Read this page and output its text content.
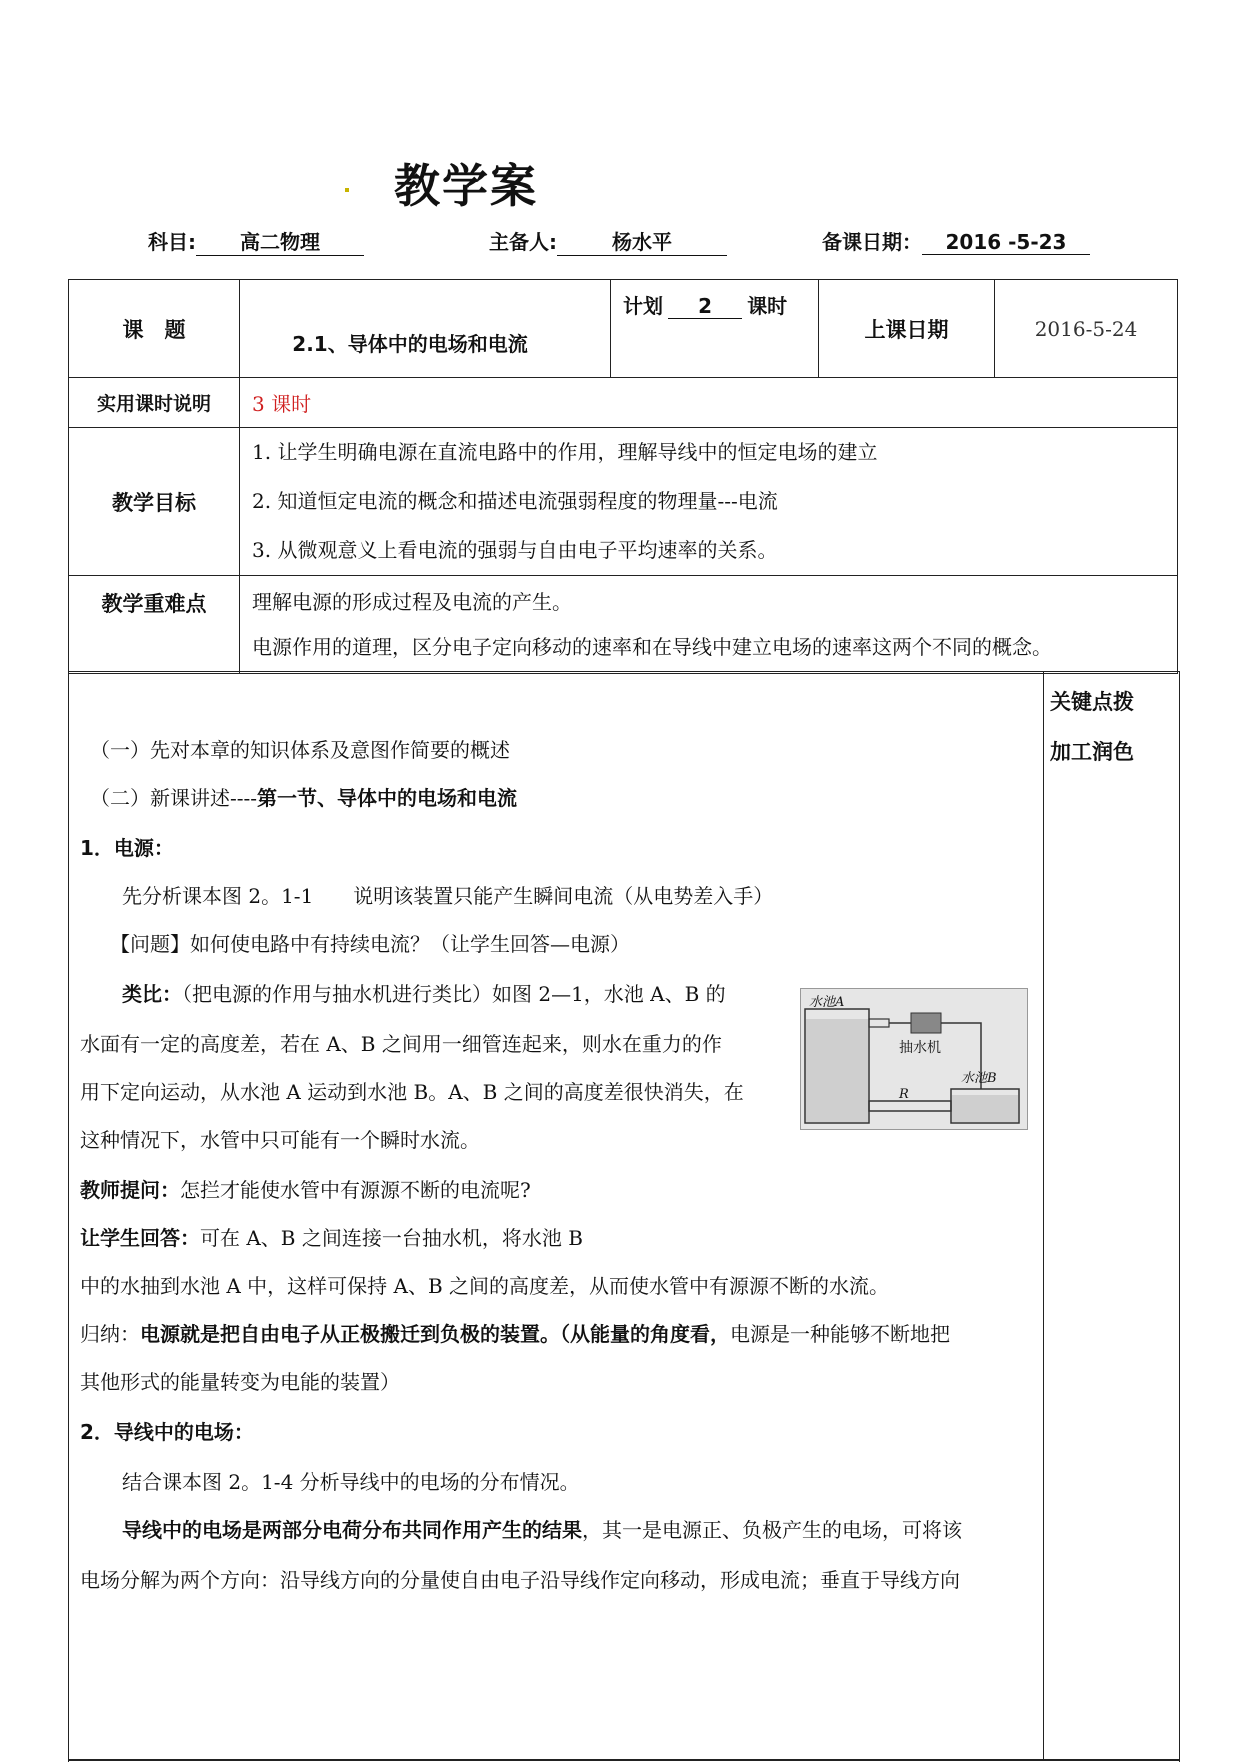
教学案
科目: 高二物理	主备人:	杨水平	备课日期： 2016 -5-23
课　题	2.1、导体中的电场和电流	计划 2 课时	上课日期	2016-5-24
实用课时说明	3 课时			
教学目标	1. 让学生明确电源在直流电路中的作用，理解导线中的恒定电场的建立
2. 知道恒定电流的概念和描述电流强弱程度的物理量---电流
3. 从微观意义上看电流的强弱与自由电子平均速率的关系。			

教学重难点	理解电源的形成过程及电流的产生。
电源作用的道理，区分电子定向移动的速率和在导线中建立电场的速率这两个不同的概念。			
关键点拨
加工润色
（一）先对本章的知识体系及意图作简要的概述
（二）新课讲述----第一节、导体中的电场和电流
1．电源：
先分析课本图 2。1-1　　说明该装置只能产生瞬间电流（从电势差入手）
【问题】如何使电路中有持续电流？（让学生回答—电源）
类比：（把电源的作用与抽水机进行类比）如图 2—1，水池 A、B 的
水面有一定的高度差，若在 A、B 之间用一细管连起来，则水在重力的作
用下定向运动，从水池 A 运动到水池 B。A、B 之间的高度差很快消失，在
这种情况下，水管中只可能有一个瞬时水流。
教师提问：怎拦才能使水管中有源源不断的电流呢?
让学生回答：可在 A、B 之间连接一台抽水机，将水池 B
中的水抽到水池 A 中，这样可保持 A、B 之间的高度差，从而使水管中有源源不断的水流。
归纳：电源就是把自由电子从正极搬迁到负极的装置。（从能量的角度看，电源是一种能够不断地把
其他形式的能量转变为电能的装置）
2．导线中的电场：
结合课本图 2。1-4 分析导线中的电场的分布情况。
导线中的电场是两部分电荷分布共同作用产生的结果，其一是电源正、负极产生的电场，可将该
电场分解为两个方向：沿导线方向的分量使自由电子沿导线作定向移动，形成电流；垂直于导线方向
水池A
抽水机
水池B
R
